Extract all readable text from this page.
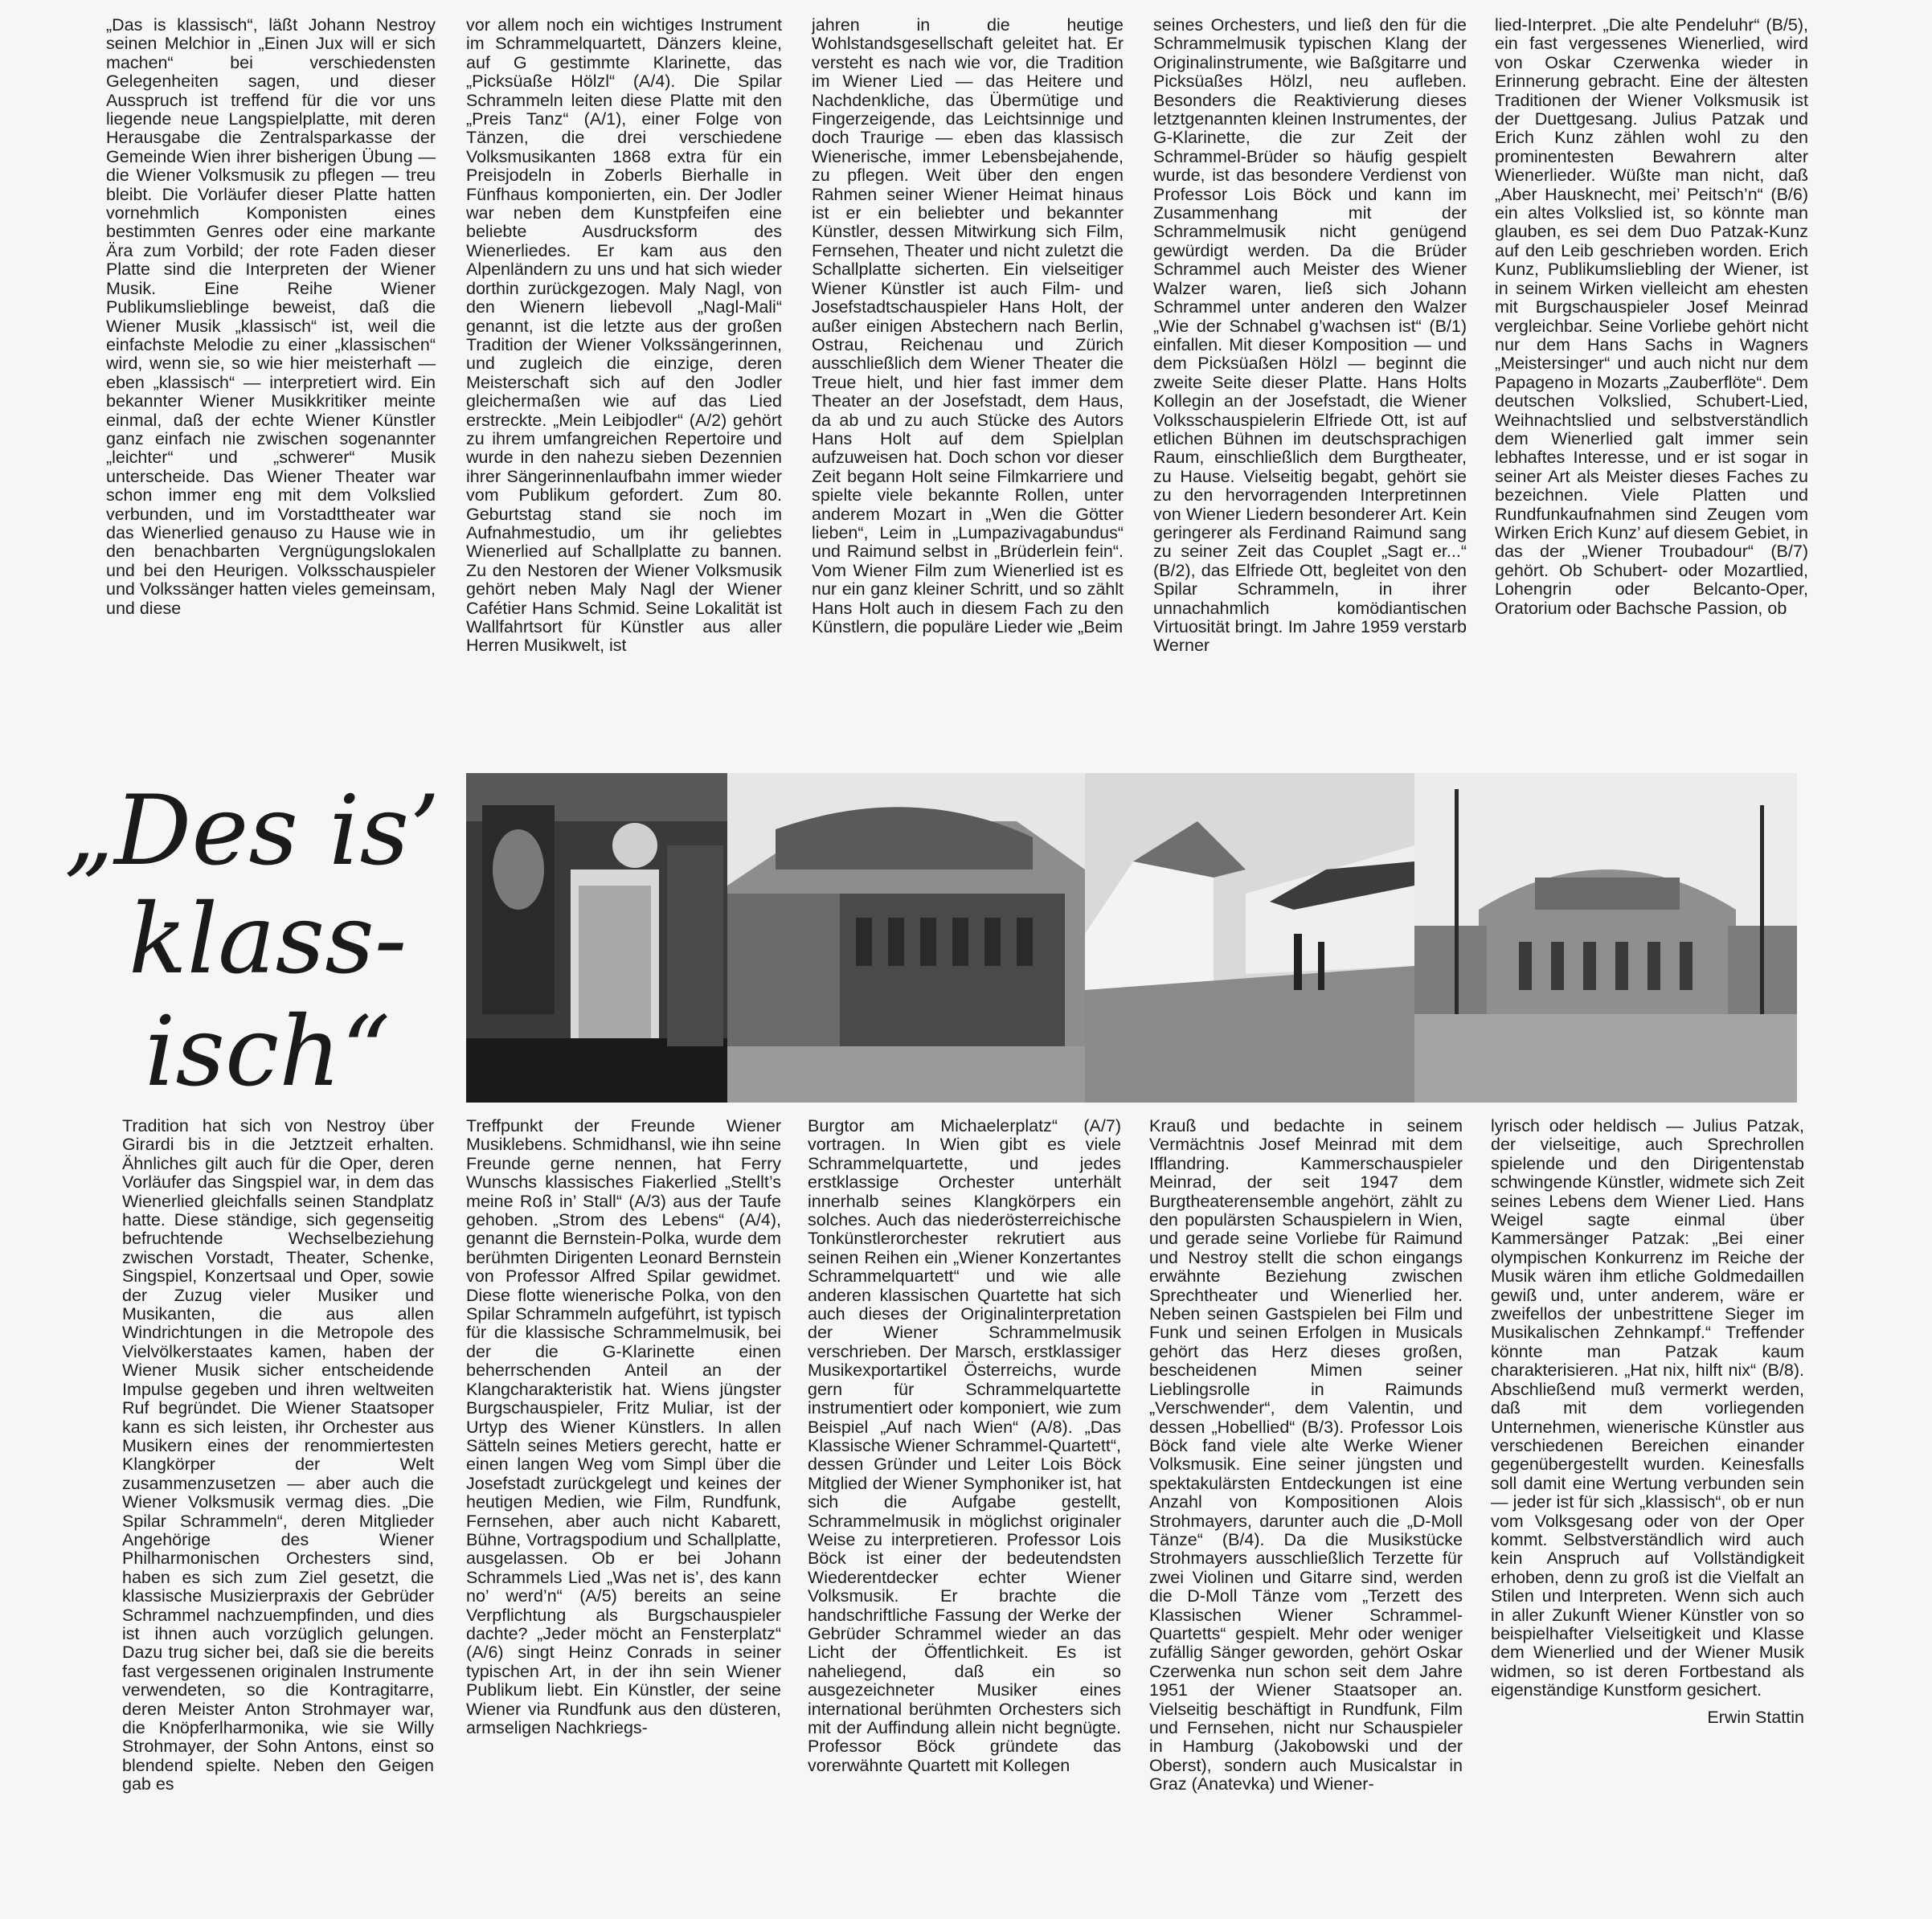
„Das is klassisch“, läßt Johann Nestroy seinen Melchior in „Einen Jux will er sich machen“ bei verschiedensten Gelegenheiten sagen, und dieser Ausspruch ist treffend für die vor uns liegende neue Langspielplatte, mit deren Herausgabe die Zentralsparkasse der Gemeinde Wien ihrer bisherigen Übung — die Wiener Volksmusik zu pflegen — treu bleibt. Die Vorläufer dieser Platte hatten vornehmlich Komponisten eines bestimmten Genres oder eine markante Ära zum Vorbild; der rote Faden dieser Platte sind die Interpreten der Wiener Musik. Eine Reihe Wiener Publikumslieblinge beweist, daß die Wiener Musik „klassisch“ ist, weil die einfachste Melodie zu einer „klassischen“ wird, wenn sie, so wie hier meisterhaft — eben „klassisch“ — interpretiert wird. Ein bekannter Wiener Musikkritiker meinte einmal, daß der echte Wiener Künstler ganz einfach nie zwischen sogenannter „leichter“ und „schwerer“ Musik unterscheide. Das Wiener Theater war schon immer eng mit dem Volkslied verbunden, und im Vorstadttheater war das Wienerlied genauso zu Hause wie in den benachbarten Vergnügungslokalen und bei den Heurigen. Volksschauspieler und Volkssänger hatten vieles gemeinsam, und diese
vor allem noch ein wichtiges Instrument im Schrammelquartett, Dänzers kleine, auf G gestimmte Klarinette, das „Picksüaße Hölzl“ (A/4). Die Spilar Schrammeln leiten diese Platte mit den „Preis Tanz“ (A/1), einer Folge von Tänzen, die drei verschiedene Volksmusikanten 1868 extra für ein Preisjodeln in Zoberls Bierhalle in Fünfhaus komponierten, ein. Der Jodler war neben dem Kunstpfeifen eine beliebte Ausdrucksform des Wienerliedes. Er kam aus den Alpenländern zu uns und hat sich wieder dorthin zurückgezogen. Maly Nagl, von den Wienern liebevoll „Nagl-Mali“ genannt, ist die letzte aus der großen Tradition der Wiener Volkssängerinnen, und zugleich die einzige, deren Meisterschaft sich auf den Jodler gleichermaßen wie auf das Lied erstreckte. „Mein Leibjodler“ (A/2) gehört zu ihrem umfangreichen Repertoire und wurde in den nahezu sieben Dezennien ihrer Sängerinnenlaufbahn immer wieder vom Publikum gefordert. Zum 80. Geburtstag stand sie noch im Aufnahmestudio, um ihr geliebtes Wienerlied auf Schallplatte zu bannen. Zu den Nestoren der Wiener Volksmusik gehört neben Maly Nagl der Wiener Cafétier Hans Schmid. Seine Lokalität ist Wallfahrtsort für Künstler aus aller Herren Musikwelt, ist
jahren in die heutige Wohlstandsgesellschaft geleitet hat. Er versteht es nach wie vor, die Tradition im Wiener Lied — das Heitere und Nachdenkliche, das Übermütige und Fingerzeigende, das Leichtsinnige und doch Traurige — eben das klassisch Wienerische, immer Lebensbejahende, zu pflegen. Weit über den engen Rahmen seiner Wiener Heimat hinaus ist er ein beliebter und bekannter Künstler, dessen Mitwirkung sich Film, Fernsehen, Theater und nicht zuletzt die Schallplatte sicherten. Ein vielseitiger Wiener Künstler ist auch Film- und Josefstadtschauspieler Hans Holt, der außer einigen Abstechern nach Berlin, Ostrau, Reichenau und Zürich ausschließlich dem Wiener Theater die Treue hielt, und hier fast immer dem Theater an der Josefstadt, dem Haus, da ab und zu auch Stücke des Autors Hans Holt auf dem Spielplan aufzuweisen hat. Doch schon vor dieser Zeit begann Holt seine Filmkarriere und spielte viele bekannte Rollen, unter anderem Mozart in „Wen die Götter lieben“, Leim in „Lumpazivagabundus“ und Raimund selbst in „Brüderlein fein“. Vom Wiener Film zum Wienerlied ist es nur ein ganz kleiner Schritt, und so zählt Hans Holt auch in diesem Fach zu den Künstlern, die populäre Lieder wie „Beim
seines Orchesters, und ließ den für die Schrammelmusik typischen Klang der Originalinstrumente, wie Baßgitarre und Picksüaßes Hölzl, neu aufleben. Besonders die Reaktivierung dieses letztgenannten kleinen Instrumentes, der G-Klarinette, die zur Zeit der Schrammel-Brüder so häufig gespielt wurde, ist das besondere Verdienst von Professor Lois Böck und kann im Zusammenhang mit der Schrammelmusik nicht genügend gewürdigt werden. Da die Brüder Schrammel auch Meister des Wiener Walzer waren, ließ sich Johann Schrammel unter anderen den Walzer „Wie der Schnabel g’wachsen ist“ (B/1) einfallen. Mit dieser Komposition — und dem Picksüaßen Hölzl — beginnt die zweite Seite dieser Platte. Hans Holts Kollegin an der Josefstadt, die Wiener Volksschauspielerin Elfriede Ott, ist auf etlichen Bühnen im deutschsprachigen Raum, einschließlich dem Burgtheater, zu Hause. Vielseitig begabt, gehört sie zu den hervorragenden Interpretinnen von Wiener Liedern besonderer Art. Kein geringerer als Ferdinand Raimund sang zu seiner Zeit das Couplet „Sagt er...“ (B/2), das Elfriede Ott, begleitet von den Spilar Schrammeln, in ihrer unnachahmlich komödiantischen Virtuosität bringt. Im Jahre 1959 verstarb Werner
lied-Interpret. „Die alte Pendeluhr“ (B/5), ein fast vergessenes Wienerlied, wird von Oskar Czerwenka wieder in Erinnerung gebracht. Eine der ältesten Traditionen der Wiener Volksmusik ist der Duettgesang. Julius Patzak und Erich Kunz zählen wohl zu den prominentesten Bewahrern alter Wienerlieder. Wüßte man nicht, daß „Aber Hausknecht, mei’ Peitsch’n“ (B/6) ein altes Volkslied ist, so könnte man glauben, es sei dem Duo Patzak-Kunz auf den Leib geschrieben worden. Erich Kunz, Publikumsliebling der Wiener, ist in seinem Wirken vielleicht am ehesten mit Burgschauspieler Josef Meinrad vergleichbar. Seine Vorliebe gehört nicht nur dem Hans Sachs in Wagners „Meistersinger“ und auch nicht nur dem Papageno in Mozarts „Zauberflöte“. Dem deutschen Volkslied, Schubert-Lied, Weihnachtslied und selbstverständlich dem Wienerlied galt immer sein lebhaftes Interesse, und er ist sogar in seiner Art als Meister dieses Faches zu bezeichnen. Viele Platten und Rundfunkaufnahmen sind Zeugen vom Wirken Erich Kunz’ auf diesem Gebiet, in das der „Wiener Troubadour“ (B/7) gehört. Ob Schubert- oder Mozartlied, Lohengrin oder Belcanto-Oper, Oratorium oder Bachsche Passion, ob
„Des is’
klass-
isch“
Tradition hat sich von Nestroy über Girardi bis in die Jetztzeit erhalten. Ähnliches gilt auch für die Oper, deren Vorläufer das Singspiel war, in dem das Wienerlied gleichfalls seinen Standplatz hatte. Diese ständige, sich gegenseitig befruchtende Wechselbeziehung zwischen Vorstadt, Theater, Schenke, Singspiel, Konzertsaal und Oper, sowie der Zuzug vieler Musiker und Musikanten, die aus allen Windrichtungen in die Metropole des Vielvölkerstaates kamen, haben der Wiener Musik sicher entscheidende Impulse gegeben und ihren weltweiten Ruf begründet. Die Wiener Staatsoper kann es sich leisten, ihr Orchester aus Musikern eines der renommiertesten Klangkörper der Welt zusammenzusetzen — aber auch die Wiener Volksmusik vermag dies. „Die Spilar Schrammeln“, deren Mitglieder Angehörige des Wiener Philharmonischen Orchesters sind, haben es sich zum Ziel gesetzt, die klassische Musizierpraxis der Gebrüder Schrammel nachzuempfinden, und dies ist ihnen auch vorzüglich gelungen. Dazu trug sicher bei, daß sie die bereits fast vergessenen originalen Instrumente verwendeten, so die Kontragitarre, deren Meister Anton Strohmayer war, die Knöpferlharmonika, wie sie Willy Strohmayer, der Sohn Antons, einst so blendend spielte. Neben den Geigen gab es
Treffpunkt der Freunde Wiener Musiklebens. Schmidhansl, wie ihn seine Freunde gerne nennen, hat Ferry Wunschs klassisches Fiakerlied „Stellt’s meine Roß in’ Stall“ (A/3) aus der Taufe gehoben. „Strom des Lebens“ (A/4), genannt die Bernstein-Polka, wurde dem berühmten Dirigenten Leonard Bernstein von Professor Alfred Spilar gewidmet. Diese flotte wienerische Polka, von den Spilar Schrammeln aufgeführt, ist typisch für die klassische Schrammelmusik, bei der die G-Klarinette einen beherrschenden Anteil an der Klangcharakteristik hat. Wiens jüngster Burgschauspieler, Fritz Muliar, ist der Urtyp des Wiener Künstlers. In allen Sätteln seines Metiers gerecht, hatte er einen langen Weg vom Simpl über die Josefstadt zurückgelegt und keines der heutigen Medien, wie Film, Rundfunk, Fernsehen, aber auch nicht Kabarett, Bühne, Vortragspodium und Schallplatte, ausgelassen. Ob er bei Johann Schrammels Lied „Was net is’, des kann no’ werd’n“ (A/5) bereits an seine Verpflichtung als Burgschauspieler dachte? „Jeder möcht an Fensterplatz“ (A/6) singt Heinz Conrads in seiner typischen Art, in der ihn sein Wiener Publikum liebt. Ein Künstler, der seine Wiener via Rundfunk aus den düsteren, armseligen Nachkriegs-
Burgtor am Michaelerplatz“ (A/7) vortragen. In Wien gibt es viele Schrammelquartette, und jedes erstklassige Orchester unterhält innerhalb seines Klangkörpers ein solches. Auch das niederösterreichische Tonkünstlerorchester rekrutiert aus seinen Reihen ein „Wiener Konzertantes Schrammelquartett“ und wie alle anderen klassischen Quartette hat sich auch dieses der Originalinterpretation der Wiener Schrammelmusik verschrieben. Der Marsch, erstklassiger Musikexportartikel Österreichs, wurde gern für Schrammelquartette instrumentiert oder komponiert, wie zum Beispiel „Auf nach Wien“ (A/8). „Das Klassische Wiener Schrammel-Quartett“, dessen Gründer und Leiter Lois Böck Mitglied der Wiener Symphoniker ist, hat sich die Aufgabe gestellt, Schrammelmusik in möglichst originaler Weise zu interpretieren. Professor Lois Böck ist einer der bedeutendsten Wiederentdecker echter Wiener Volksmusik. Er brachte die handschriftliche Fassung der Werke der Gebrüder Schrammel wieder an das Licht der Öffentlichkeit. Es ist naheliegend, daß ein so ausgezeichneter Musiker eines international berühmten Orchesters sich mit der Auffindung allein nicht begnügte. Professor Böck gründete das vorerwähnte Quartett mit Kollegen
Krauß und bedachte in seinem Vermächtnis Josef Meinrad mit dem Ifflandring. Kammerschauspieler Meinrad, der seit 1947 dem Burgtheaterensemble angehört, zählt zu den populärsten Schauspielern in Wien, und gerade seine Vorliebe für Raimund und Nestroy stellt die schon eingangs erwähnte Beziehung zwischen Sprechtheater und Wienerlied her. Neben seinen Gastspielen bei Film und Funk und seinen Erfolgen in Musicals gehört das Herz dieses großen, bescheidenen Mimen seiner Lieblingsrolle in Raimunds „Verschwender“, dem Valentin, und dessen „Hobellied“ (B/3). Professor Lois Böck fand viele alte Werke Wiener Volksmusik. Eine seiner jüngsten und spektakulärsten Entdeckungen ist eine Anzahl von Kompositionen Alois Strohmayers, darunter auch die „D-Moll Tänze“ (B/4). Da die Musikstücke Strohmayers ausschließlich Terzette für zwei Violinen und Gitarre sind, werden die D-Moll Tänze vom „Terzett des Klassischen Wiener Schrammel-Quartetts“ gespielt. Mehr oder weniger zufällig Sänger geworden, gehört Oskar Czerwenka nun schon seit dem Jahre 1951 der Wiener Staatsoper an. Vielseitig beschäftigt in Rundfunk, Film und Fernsehen, nicht nur Schauspieler in Hamburg (Jakobowski und der Oberst), sondern auch Musicalstar in Graz (Anatevka) und Wiener-

lyrisch oder heldisch — Julius Patzak, der vielseitige, auch Sprechrollen spielende und den Dirigentenstab schwingende Künstler, widmete sich Zeit seines Lebens dem Wiener Lied. Hans Weigel sagte einmal über Kammersänger Patzak: „Bei einer olympischen Konkurrenz im Reiche der Musik wären ihm etliche Goldmedaillen gewiß und, unter anderem, wäre er zweifellos der unbestrittene Sieger im Musikalischen Zehnkampf.“ Treffender könnte man Patzak kaum charakterisieren. „Hat nix, hilft nix“ (B/8). Abschließend muß vermerkt werden, daß mit dem vorliegenden Unternehmen, wienerische Künstler aus verschiedenen Bereichen einander gegenübergestellt wurden. Keinesfalls soll damit eine Wertung verbunden sein — jeder ist für sich „klassisch“, ob er nun vom Volksgesang oder von der Oper kommt. Selbstverständlich wird auch kein Anspruch auf Vollständigkeit erhoben, denn zu groß ist die Vielfalt an Stilen und Interpreten. Wenn sich auch in aller Zukunft Wiener Künstler von so beispielhafter Vielseitigkeit und Klasse dem Wienerlied und der Wiener Musik widmen, so ist deren Fortbestand als eigenständige Kunstform gesichert.

Erwin Stattin
